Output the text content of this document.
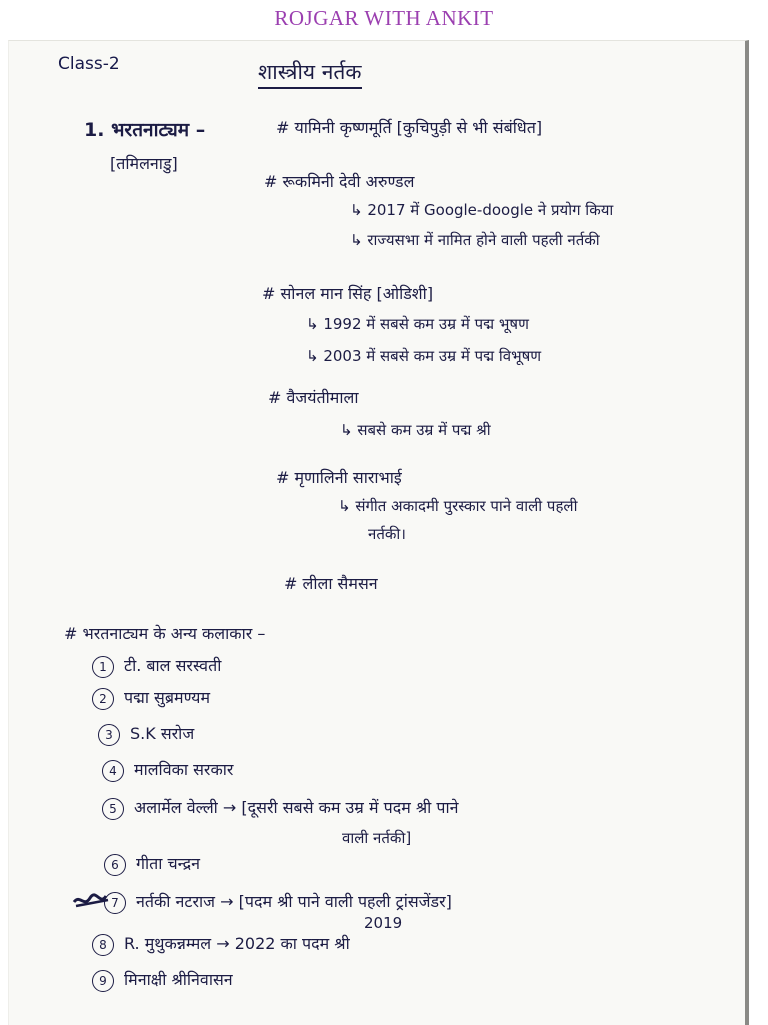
ROJGAR WITH ANKIT
Class-2	शास्त्रीय नर्तक
1. भरतनाट्यम –
[तमिलनाडु]
# यामिनी कृष्णमूर्ति [कुचिपुड़ी से भी संबंधित]
# रूकमिनी देवी अरुण्डल
↳ 2017 में Google-doogle ने प्रयोग किया
↳ राज्यसभा में नामित होने वाली पहली नर्तकी
# सोनल मान सिंह [ओडिशी]
↳ 1992 में सबसे कम उम्र में पद्म भूषण
↳ 2003 में सबसे कम उम्र में पद्म विभूषण
# वैजयंतीमाला
↳ सबसे कम उम्र में पद्म श्री
# मृणालिनी साराभाई
↳ संगीत अकादमी पुरस्कार पाने वाली पहली
नर्तकी।
# लीला सैमसन
# भरतनाट्यम के अन्य कलाकार –
1 टी. बाल सरस्वती
2 पद्मा सुब्रमण्यम
3 S.K सरोज
4 मालविका सरकार
5 अलार्मेल वेल्ली → [दूसरी सबसे कम उम्र में पदम श्री पाने
वाली नर्तकी]
6 गीता चन्द्रन
7 नर्तकी नटराज → [पदम श्री पाने वाली पहली ट्रांसजेंडर]
2019
8 R. मुथुकन्नम्मल → 2022 का पदम श्री
9 मिनाक्षी श्रीनिवासन
